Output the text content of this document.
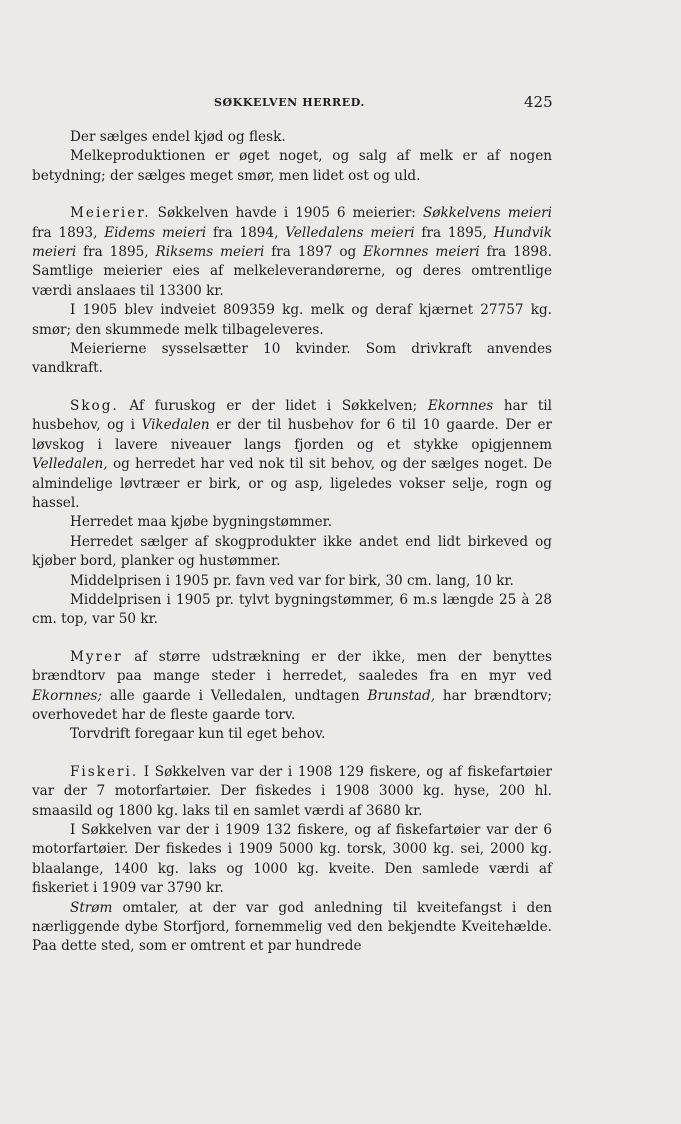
SØKKELVEN HERRED.	425

Der sælges endel kjød og flesk.

Melkeproduktionen er øget noget, og salg af melk er af nogen betydning; der sælges meget smør, men lidet ost og uld.

Meierier. Søkkelven havde i 1905 6 meierier: Søkkelvens meieri fra 1893, Eidems meieri fra 1894, Velledalens meieri fra 1895, Hundvik meieri fra 1895, Riksems meieri fra 1897 og Ekornnes meieri fra 1898. Samtlige meierier eies af melkeleverandørerne, og deres omtrentlige værdi anslaaes til 13300 kr.

I 1905 blev indveiet 809359 kg. melk og deraf kjærnet 27757 kg. smør; den skummede melk tilbageleveres.

Meierierne sysselsætter 10 kvinder. Som drivkraft anvendes vandkraft.

Skog. Af furuskog er der lidet i Søkkelven; Ekornnes har til husbehov, og i Vikedalen er der til husbehov for 6 til 10 gaarde. Der er løvskog i lavere niveauer langs fjorden og et stykke opigjennem Velledalen, og herredet har ved nok til sit behov, og der sælges noget. De almindelige løvtræer er birk, or og asp, ligeledes vokser selje, rogn og hassel.

Herredet maa kjøbe bygningstømmer.

Herredet sælger af skogprodukter ikke andet end lidt birkeved og kjøber bord, planker og hustømmer.

Middelprisen i 1905 pr. favn ved var for birk, 30 cm. lang, 10 kr.

Middelprisen i 1905 pr. tylvt bygningstømmer, 6 m.s længde 25 à 28 cm. top, var 50 kr.

Myrer af større udstrækning er der ikke, men der benyttes brændtorv paa mange steder i herredet, saaledes fra en myr ved Ekornnes; alle gaarde i Velledalen, undtagen Brunstad, har brændtorv; overhovedet har de fleste gaarde torv.

Torvdrift foregaar kun til eget behov.

Fiskeri. I Søkkelven var der i 1908 129 fiskere, og af fiskefartøier var der 7 motorfartøier. Der fiskedes i 1908 3000 kg. hyse, 200 hl. smaasild og 1800 kg. laks til en samlet værdi af 3680 kr.

I Søkkelven var der i 1909 132 fiskere, og af fiskefartøier var der 6 motorfartøier. Der fiskedes i 1909 5000 kg. torsk, 3000 kg. sei, 2000 kg. blaalange, 1400 kg. laks og 1000 kg. kveite. Den samlede værdi af fiskeriet i 1909 var 3790 kr.

Strøm omtaler, at der var god anledning til kveitefangst i den nærliggende dybe Storfjord, fornemmelig ved den bekjendte Kveitehælde. Paa dette sted, som er omtrent et par hundrede
